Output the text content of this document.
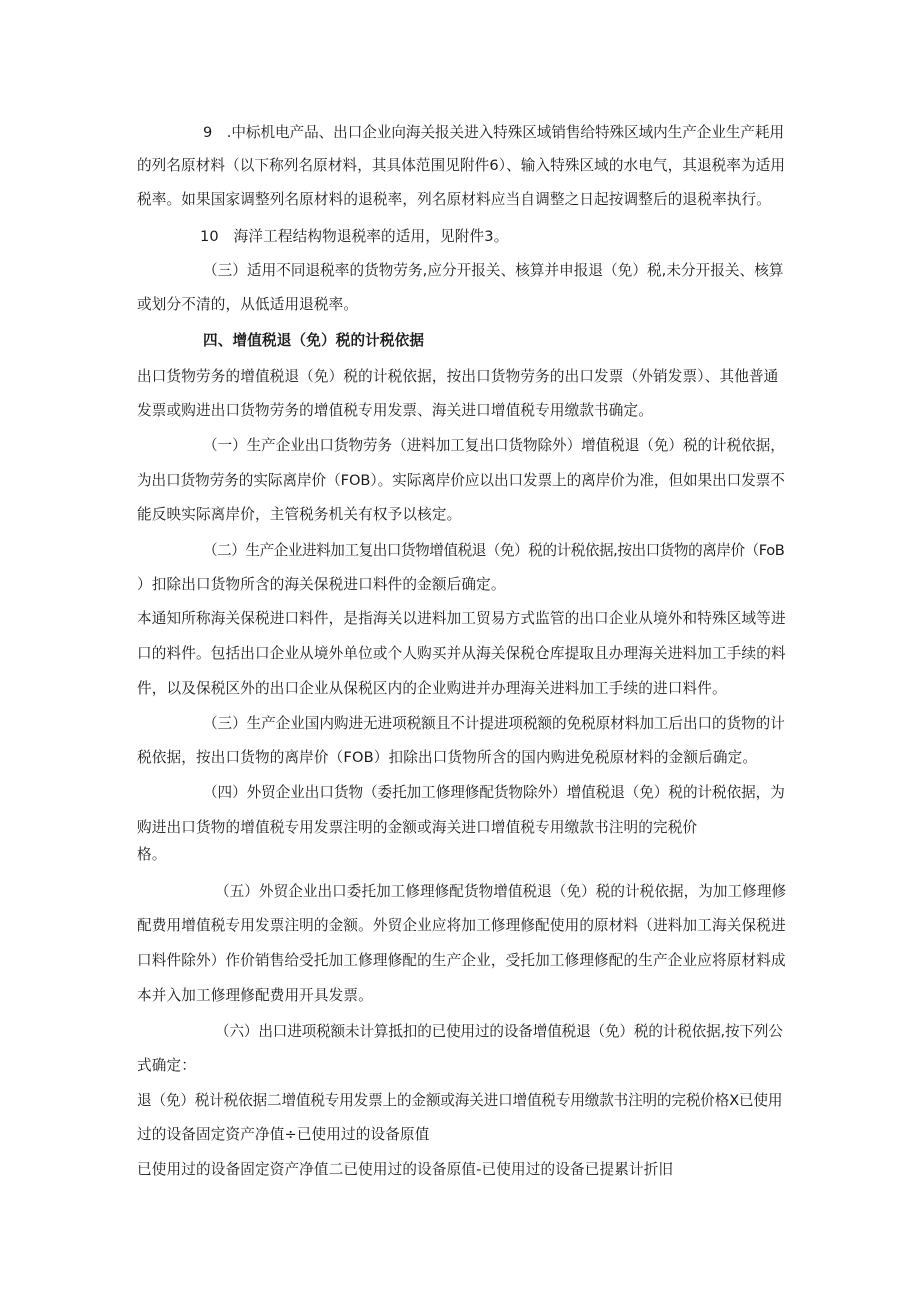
9　.中标机电产品、出口企业向海关报关进入特殊区域销售给特殊区域内生产企业生产耗用
的列名原材料（以下称列名原材料，其具体范围见附件6）、输入特殊区域的水电气，其退税率为适用
税率。如果国家调整列名原材料的退税率，列名原材料应当自调整之日起按调整后的退税率执行。
10　海洋工程结构物退税率的适用，见附件3。
（三）适用不同退税率的货物劳务,应分开报关、核算并申报退（免）税,未分开报关、核算
或划分不清的，从低适用退税率。
四、增值税退（免）税的计税依据
出口货物劳务的增值税退（免）税的计税依据，按出口货物劳务的出口发票（外销发票）、其他普通
发票或购进出口货物劳务的增值税专用发票、海关进口增值税专用缴款书确定。
（一）生产企业出口货物劳务（进料加工复出口货物除外）增值税退（免）税的计税依据，
为出口货物劳务的实际离岸价（FOB）。实际离岸价应以出口发票上的离岸价为准，但如果出口发票不
能反映实际离岸价，主管税务机关有权予以核定。
（二）生产企业进料加工复出口货物增值税退（免）税的计税依据,按出口货物的离岸价（FoB
）扣除出口货物所含的海关保税进口料件的金额后确定。
本通知所称海关保税进口料件，是指海关以进料加工贸易方式监管的出口企业从境外和特殊区域等进
口的料件。包括出口企业从境外单位或个人购买并从海关保税仓库提取且办理海关进料加工手续的料
件，以及保税区外的出口企业从保税区内的企业购进并办理海关进料加工手续的进口料件。
（三）生产企业国内购进无进项税额且不计提进项税额的免税原材料加工后出口的货物的计
税依据，按出口货物的离岸价（FOB）扣除出口货物所含的国内购进免税原材料的金额后确定。
（四）外贸企业出口货物（委托加工修理修配货物除外）增值税退（免）税的计税依据，为
购进出口货物的增值税专用发票注明的金额或海关进口增值税专用缴款书注明的完税价
格。
（五）外贸企业出口委托加工修理修配货物增值税退（免）税的计税依据，为加工修理修
配费用增值税专用发票注明的金额。外贸企业应将加工修理修配使用的原材料（进料加工海关保税进
口料件除外）作价销售给受托加工修理修配的生产企业，受托加工修理修配的生产企业应将原材料成
本并入加工修理修配费用开具发票。
（六）出口进项税额未计算抵扣的已使用过的设备增值税退（免）税的计税依据,按下列公
式确定：
退（免）税计税依据二增值税专用发票上的金额或海关进口增值税专用缴款书注明的完税价格X已使用
过的设备固定资产净值÷已使用过的设备原值
已使用过的设备固定资产净值二已使用过的设备原值-已使用过的设备已提累计折旧
